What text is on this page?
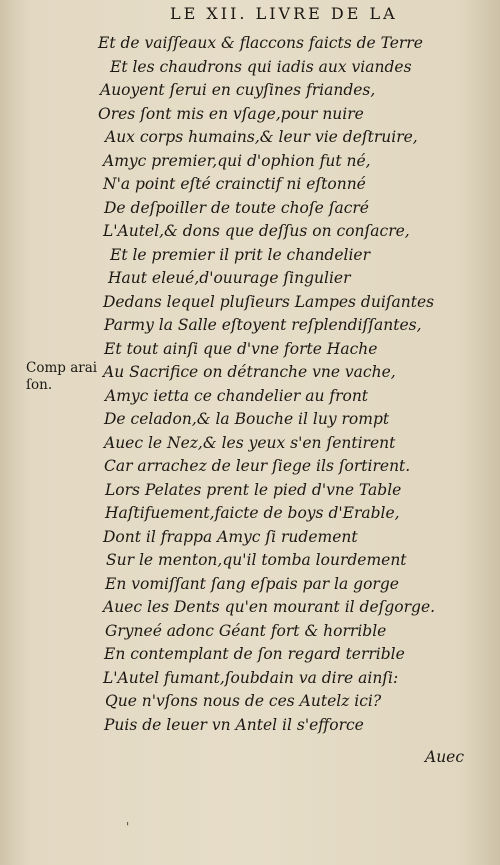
LE XII. LIVRE DE LA
Et de vaiſſeaux & flaccons faicts de Terre
Et les chaudrons qui iadis aux viandes
Auoyent ſerui en cuyſines friandes,
Ores ſont mis en vſage,pour nuire
Aux corps humains,& leur vie deſtruire,
Amyc premier,qui d'ophion fut né,
N'a point eſté crainctif ni eſtonné
De deſpoiller de toute choſe ſacré
L'Autel,& dons que deſſus on conſacre,
Et le premier il prit le chandelier
Haut eleué,d'ouurage ſingulier
Dedans lequel pluſieurs Lampes duiſantes
Parmy la Salle eſtoyent reſplendiſſantes,
Et tout ainſi que d'vne forte Hache
Au Sacrifice on détranche vne vache,
Amyc ietta ce chandelier au front
De celadon,& la Bouche il luy rompt
Auec le Nez,& les yeux s'en ſentirent
Car arrachez de leur ſiege ils ſortirent.
Lors Pelates prent le pied d'vne Table
Haſtifuement,faicte de boys d'Erable,
Dont il frappa Amyc ſi rudement
Sur le menton,qu'il tomba lourdement
En vomiſſant ſang eſpais par la gorge
Auec les Dents qu'en mourant il deſgorge.
Gryneé adonc Géant fort & horrible
En contemplant de ſon regard terrible
L'Autel fumant,ſoubdain va dire ainſi:
Que n'vſons nous de ces Autelz ici?
Puis de leuer vn Antel il s'efforce
Comp arai ſon.
Auec
'
